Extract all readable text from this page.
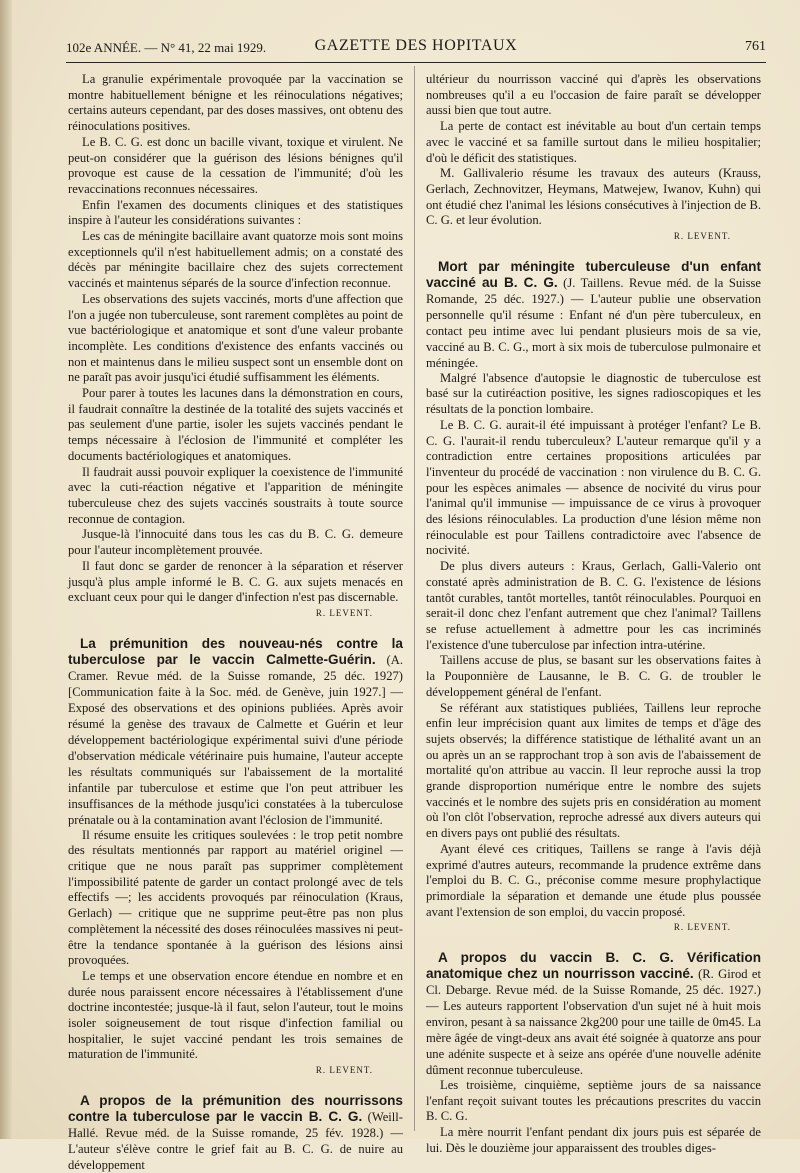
102e ANNÉE. — N° 41, 22 mai 1929.	GAZETTE DES HOPITAUX	761

La granulie expérimentale provoquée par la vaccination se montre habituellement bénigne et les réinoculations négatives; certains auteurs cependant, par des doses massives, ont obtenu des réinoculations positives.

Le B. C. G. est donc un bacille vivant, toxique et virulent. Ne peut-on considérer que la guérison des lésions bénignes qu'il provoque est cause de la cessation de l'immunité; d'où les revaccinations reconnues nécessaires.

Enfin l'examen des documents cliniques et des statistiques inspire à l'auteur les considérations suivantes :

Les cas de méningite bacillaire avant quatorze mois sont moins exceptionnels qu'il n'est habituellement admis; on a constaté des décès par méningite bacillaire chez des sujets correctement vaccinés et maintenus séparés de la source d'infection reconnue.

Les observations des sujets vaccinés, morts d'une affection que l'on a jugée non tuberculeuse, sont rarement complètes au point de vue bactériologique et anatomique et sont d'une valeur probante incomplète. Les conditions d'existence des enfants vaccinés ou non et maintenus dans le milieu suspect sont un ensemble dont on ne paraît pas avoir jusqu'ici étudié suffisamment les éléments.

Pour parer à toutes les lacunes dans la démonstration en cours, il faudrait connaître la destinée de la totalité des sujets vaccinés et pas seulement d'une partie, isoler les sujets vaccinés pendant le temps nécessaire à l'éclosion de l'immunité et compléter les documents bactériologiques et anatomiques.

Il faudrait aussi pouvoir expliquer la coexistence de l'immunité avec la cuti-réaction négative et l'apparition de méningite tuberculeuse chez des sujets vaccinés soustraits à toute source reconnue de contagion.

Jusque-là l'innocuité dans tous les cas du B. C. G. demeure pour l'auteur incomplètement prouvée.

Il faut donc se garder de renoncer à la séparation et réserver jusqu'à plus ample informé le B. C. G. aux sujets menacés en excluant ceux pour qui le danger d'infection n'est pas discernable.

R. LEVENT.
La prémunition des nouveau-nés contre la tuberculose par le vaccin Calmette-Guérin. (A. Cramer. Revue méd. de la Suisse romande, 25 déc. 1927) [Communication faite à la Soc. méd. de Genève, juin 1927.] — Exposé des observations et des opinions publiées. Après avoir résumé la genèse des travaux de Calmette et Guérin et leur développement bactériologique expérimental suivi d'une période d'observation médicale vétérinaire puis humaine, l'auteur accepte les résultats communiqués sur l'abaissement de la mortalité infantile par tuberculose et estime que l'on peut attribuer les insuffisances de la méthode jusqu'ici constatées à la tuberculose prénatale ou à la contamination avant l'éclosion de l'immunité.

Il résume ensuite les critiques soulevées : le trop petit nombre des résultats mentionnés par rapport au matériel originel — critique que ne nous paraît pas supprimer complètement l'impossibilité patente de garder un contact prolongé avec de tels effectifs —; les accidents provoqués par réinoculation (Kraus, Gerlach) — critique que ne supprime peut-être pas non plus complètement la nécessité des doses réinoculées massives ni peut-être la tendance spontanée à la guérison des lésions ainsi provoquées.

Le temps et une observation encore étendue en nombre et en durée nous paraissent encore nécessaires à l'établissement d'une doctrine incontestée; jusque-là il faut, selon l'auteur, tout le moins isoler soigneusement de tout risque d'infection familial ou hospitalier, le sujet vacciné pendant les trois semaines de maturation de l'immunité.

R. LEVENT.
A propos de la prémunition des nourrissons contre la tuberculose par le vaccin B. C. G. (Weill-Hallé. Revue méd. de la Suisse romande, 25 fév. 1928.) — L'auteur s'élève contre le grief fait au B. C. G. de nuire au développement

ultérieur du nourrisson vacciné qui d'après les observations nombreuses qu'il a eu l'occasion de faire paraît se développer aussi bien que tout autre.

La perte de contact est inévitable au bout d'un certain temps avec le vacciné et sa famille surtout dans le milieu hospitalier; d'où le déficit des statistiques.

M. Gallivalerio résume les travaux des auteurs (Krauss, Gerlach, Zechnovitzer, Heymans, Matwejew, Iwanov, Kuhn) qui ont étudié chez l'animal les lésions consécutives à l'injection de B. C. G. et leur évolution.

R. LEVENT.
Mort par méningite tuberculeuse d'un enfant vacciné au B. C. G. (J. Taillens. Revue méd. de la Suisse Romande, 25 déc. 1927.) — L'auteur publie une observation personnelle qu'il résume : Enfant né d'un père tuberculeux, en contact peu intime avec lui pendant plusieurs mois de sa vie, vacciné au B. C. G., mort à six mois de tuberculose pulmonaire et méningée.

Malgré l'absence d'autopsie le diagnostic de tuberculose est basé sur la cutiréaction positive, les signes radioscopiques et les résultats de la ponction lombaire.

Le B. C. G. aurait-il été impuissant à protéger l'enfant? Le B. C. G. l'aurait-il rendu tuberculeux? L'auteur remarque qu'il y a contradiction entre certaines propositions articulées par l'inventeur du procédé de vaccination : non virulence du B. C. G. pour les espèces animales — absence de nocivité du virus pour l'animal qu'il immunise — impuissance de ce virus à provoquer des lésions réinoculables. La production d'une lésion même non réinoculable est pour Taillens contradictoire avec l'absence de nocivité.

De plus divers auteurs : Kraus, Gerlach, Galli-Valerio ont constaté après administration de B. C. G. l'existence de lésions tantôt curables, tantôt mortelles, tantôt réinoculables. Pourquoi en serait-il donc chez l'enfant autrement que chez l'animal? Taillens se refuse actuellement à admettre pour les cas incriminés l'existence d'une tuberculose par infection intra-utérine.

Taillens accuse de plus, se basant sur les observations faites à la Pouponnière de Lausanne, le B. C. G. de troubler le développement général de l'enfant.

Se référant aux statistiques publiées, Taillens leur reproche enfin leur imprécision quant aux limites de temps et d'âge des sujets observés; la différence statistique de léthalité avant un an ou après un an se rapprochant trop à son avis de l'abaissement de mortalité qu'on attribue au vaccin. Il leur reproche aussi la trop grande disproportion numérique entre le nombre des sujets vaccinés et le nombre des sujets pris en considération au moment où l'on clôt l'observation, reproche adressé aux divers auteurs qui en divers pays ont publié des résultats.

Ayant élevé ces critiques, Taillens se range à l'avis déjà exprimé d'autres auteurs, recommande la prudence extrême dans l'emploi du B. C. G., préconise comme mesure prophylactique primordiale la séparation et demande une étude plus poussée avant l'extension de son emploi, du vaccin proposé.

R. LEVENT.
A propos du vaccin B. C. G. Vérification anatomique chez un nourrisson vacciné. (R. Girod et Cl. Debarge. Revue méd. de la Suisse Romande, 25 déc. 1927.) — Les auteurs rapportent l'observation d'un sujet né à huit mois environ, pesant à sa naissance 2kg200 pour une taille de 0m45. La mère âgée de vingt-deux ans avait été soignée à quatorze ans pour une adénite suspecte et à seize ans opérée d'une nouvelle adénite dûment reconnue tuberculeuse.

Les troisième, cinquième, septième jours de sa naissance l'enfant reçoit suivant toutes les précautions prescrites du vaccin B. C. G.

La mère nourrit l'enfant pendant dix jours puis est séparée de lui. Dès le douzième jour apparaissent des troubles diges-
